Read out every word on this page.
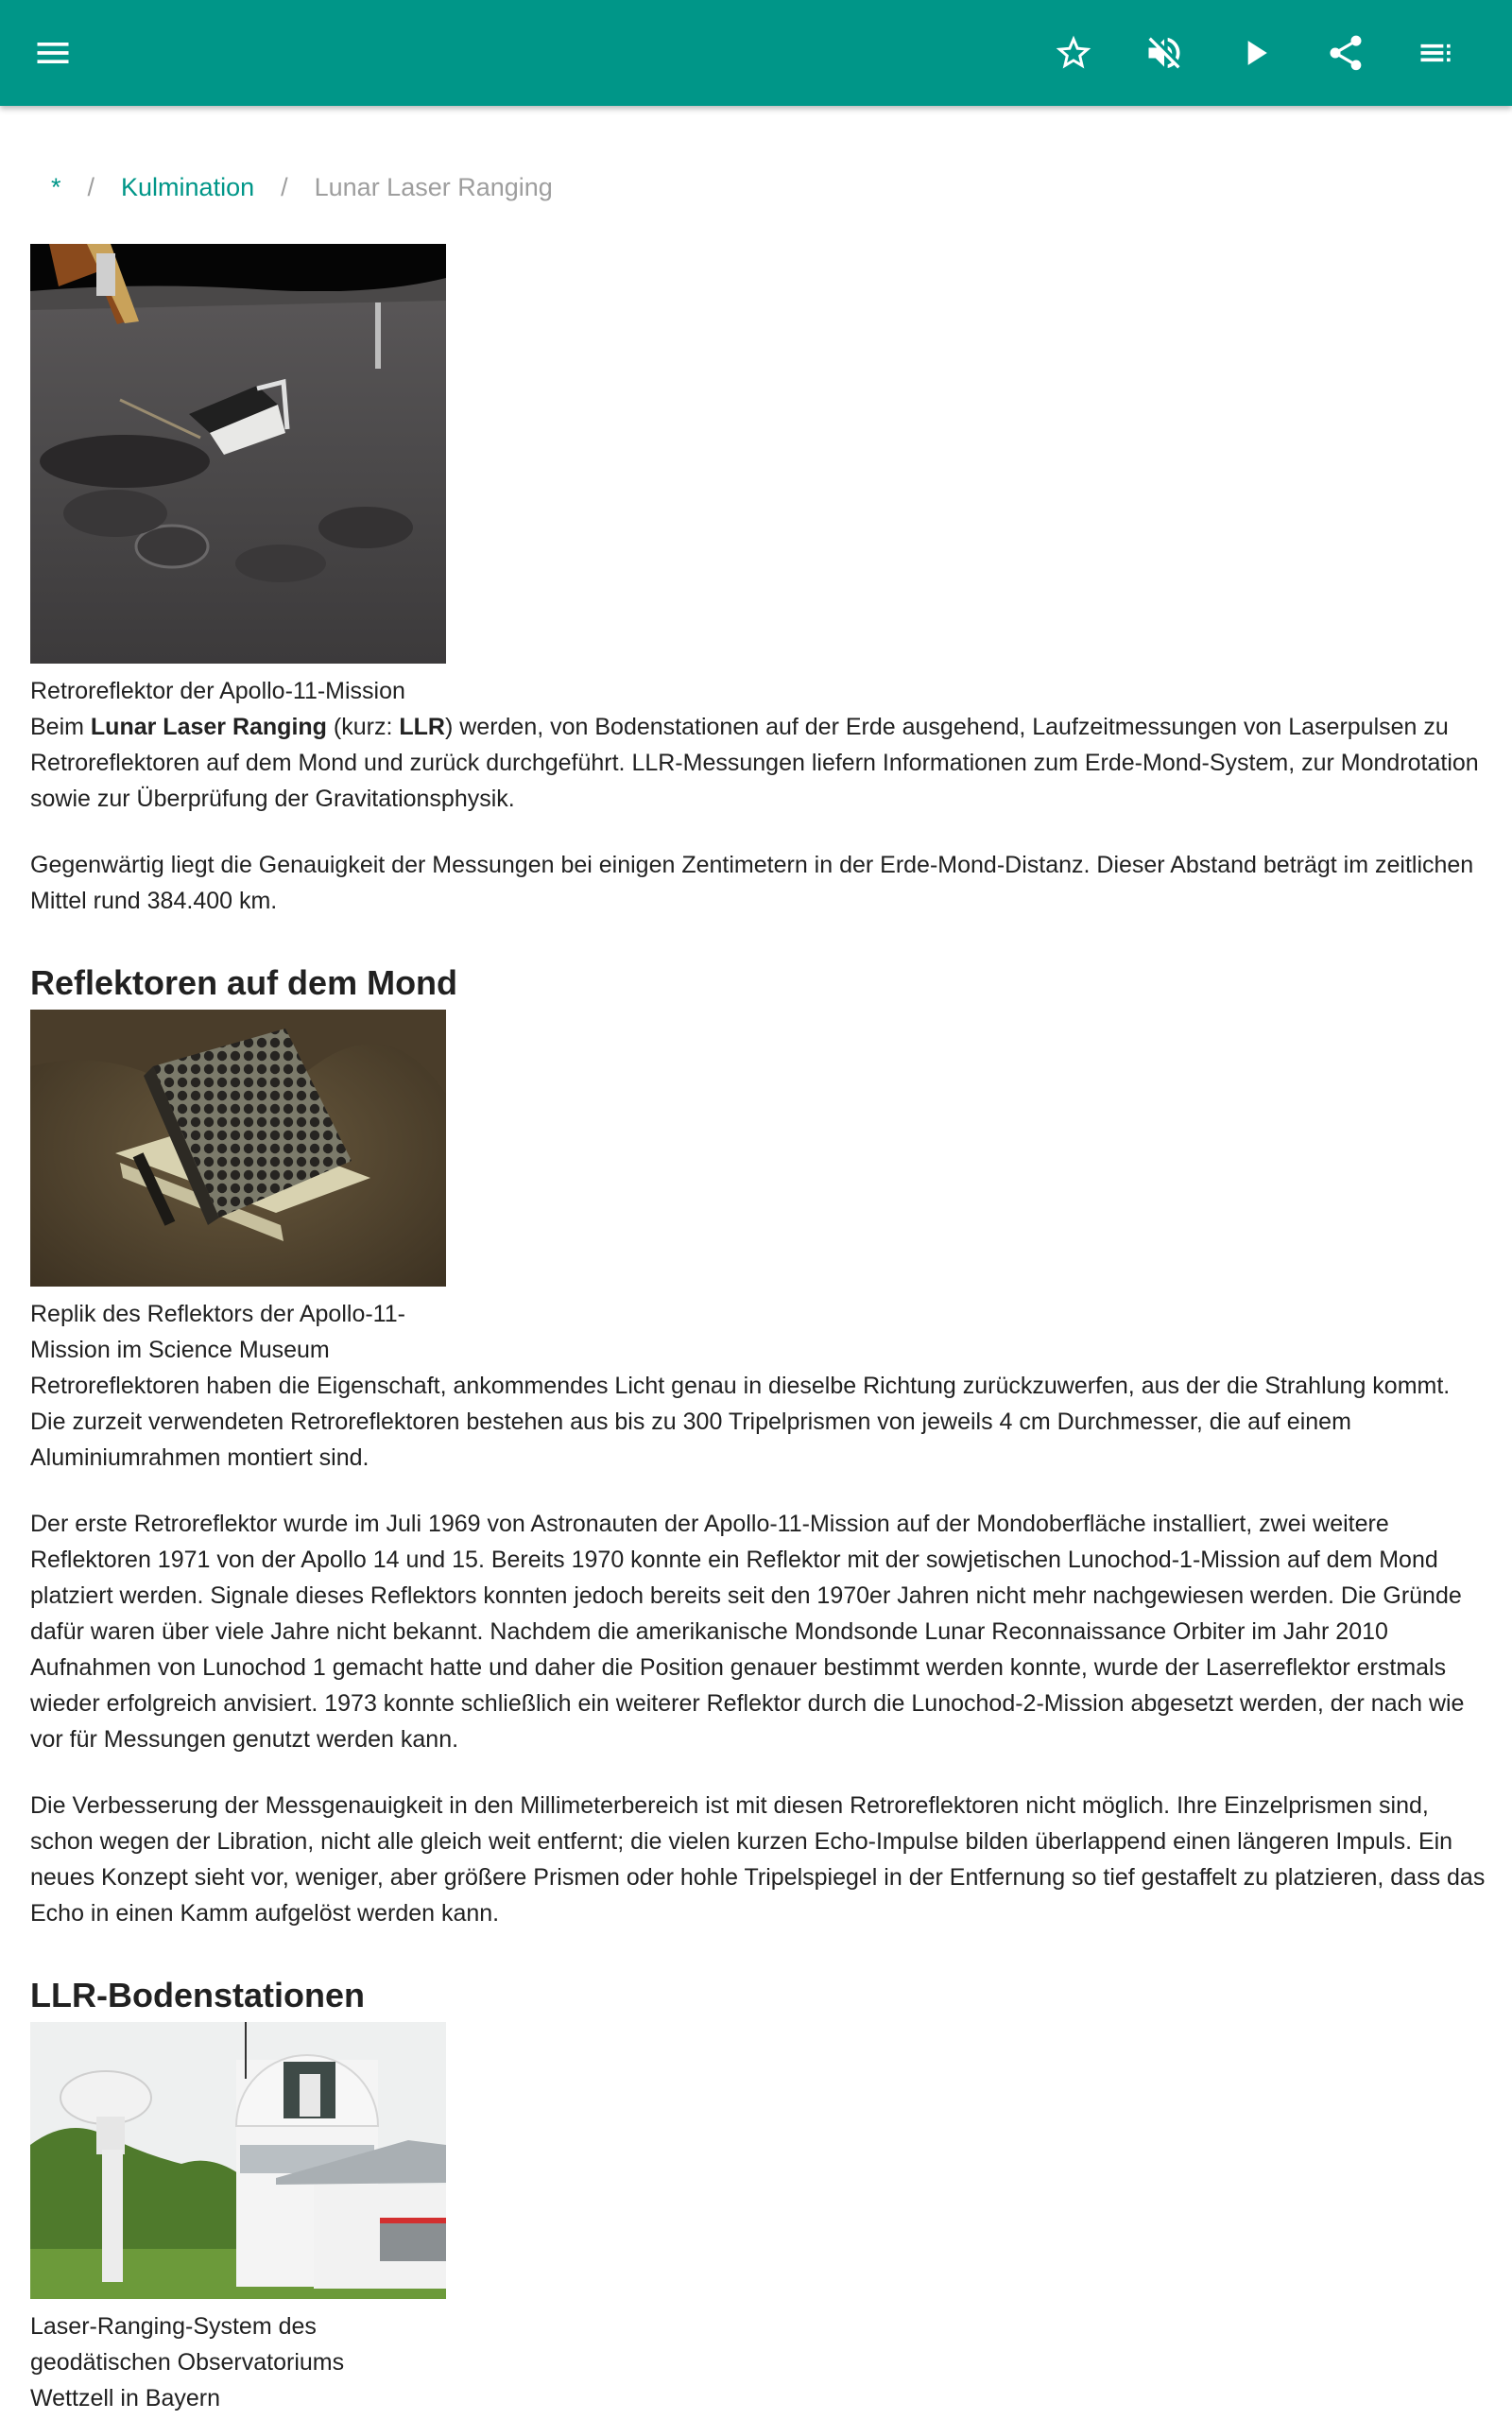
* / Kulmination / Lunar Laser Ranging
Retroreflektor der Apollo-11-Mission

Beim Lunar Laser Ranging (kurz: LLR) werden, von Bodenstationen auf der Erde ausgehend, Laufzeitmessungen von Laserpulsen zu Retroreflektoren auf dem Mond und zurück durchgeführt. LLR-Messungen liefern Informationen zum Erde-Mond-System, zur Mondrotation sowie zur Überprüfung der Gravitationsphysik.

Gegenwärtig liegt die Genauigkeit der Messungen bei einigen Zentimetern in der Erde-Mond-Distanz. Dieser Abstand beträgt im zeitlichen Mittel rund 384.400 km.

Reflektoren auf dem Mond
Replik des Reflektors der Apollo-11-
Mission im Science Museum

Retroreflektoren haben die Eigenschaft, ankommendes Licht genau in dieselbe Richtung zurückzuwerfen, aus der die Strahlung kommt. Die zurzeit verwendeten Retroreflektoren bestehen aus bis zu 300 Tripelprismen von jeweils 4 cm Durchmesser, die auf einem Aluminiumrahmen montiert sind.

Der erste Retroreflektor wurde im Juli 1969 von Astronauten der Apollo-11-Mission auf der Mondoberfläche installiert, zwei weitere Reflektoren 1971 von der Apollo 14 und 15. Bereits 1970 konnte ein Reflektor mit der sowjetischen Lunochod-1-Mission auf dem Mond platziert werden. Signale dieses Reflektors konnten jedoch bereits seit den 1970er Jahren nicht mehr nachgewiesen werden. Die Gründe dafür waren über viele Jahre nicht bekannt. Nachdem die amerikanische Mondsonde Lunar Reconnaissance Orbiter im Jahr 2010 Aufnahmen von Lunochod 1 gemacht hatte und daher die Position genauer bestimmt werden konnte, wurde der Laserreflektor erstmals wieder erfolgreich anvisiert. 1973 konnte schließlich ein weiterer Reflektor durch die Lunochod-2-Mission abgesetzt werden, der nach wie vor für Messungen genutzt werden kann.

Die Verbesserung der Messgenauigkeit in den Millimeterbereich ist mit diesen Retroreflektoren nicht möglich. Ihre Einzelprismen sind, schon wegen der Libration, nicht alle gleich weit entfernt; die vielen kurzen Echo-Impulse bilden überlappend einen längeren Impuls. Ein neues Konzept sieht vor, weniger, aber größere Prismen oder hohle Tripelspiegel in der Entfernung so tief gestaffelt zu platzieren, dass das Echo in einen Kamm aufgelöst werden kann.

LLR-Bodenstationen
Laser-Ranging-System des
geodätischen Observatoriums
Wettzell in Bayern
